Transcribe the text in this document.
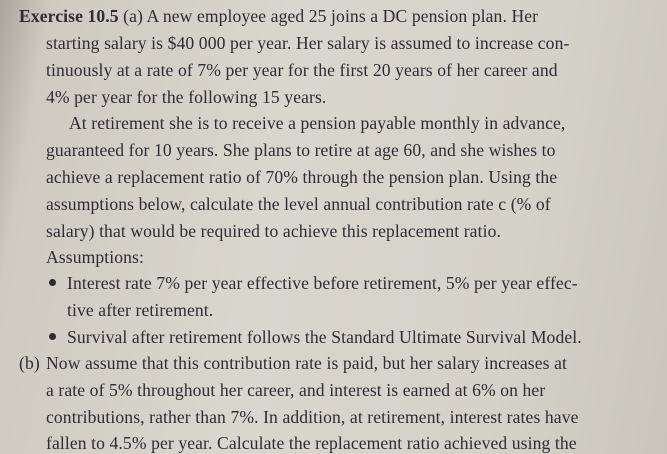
Exercise 10.5 (a) A new employee aged 25 joins a DC pension plan. Her
starting salary is $40 000 per year. Her salary is assumed to increase con-
tinuously at a rate of 7% per year for the first 20 years of her career and
4% per year for the following 15 years.
At retirement she is to receive a pension payable monthly in advance,
guaranteed for 10 years. She plans to retire at age 60, and she wishes to
achieve a replacement ratio of 70% through the pension plan. Using the
assumptions below, calculate the level annual contribution rate c (% of
salary) that would be required to achieve this replacement ratio.
Assumptions:
Interest rate 7% per year effective before retirement, 5% per year effec-
tive after retirement.
Survival after retirement follows the Standard Ultimate Survival Model.
(b) Now assume that this contribution rate is paid, but her salary increases at
a rate of 5% throughout her career, and interest is earned at 6% on her
contributions, rather than 7%. In addition, at retirement, interest rates have
fallen to 4.5% per year. Calculate the replacement ratio achieved using the
